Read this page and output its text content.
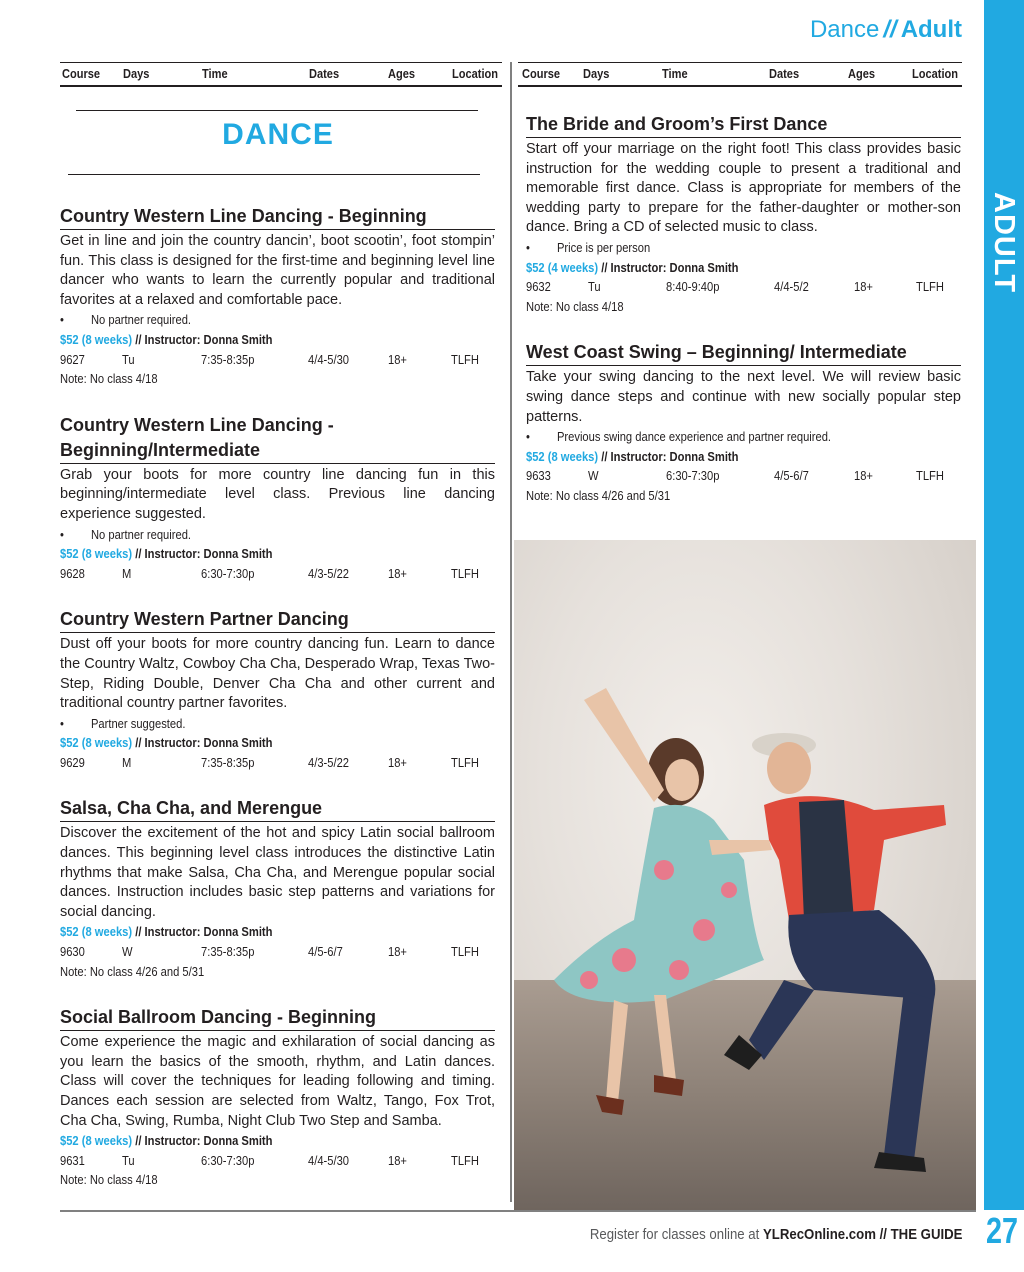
Dance // Adult
ADULT
Course Days	Time	Dates	Ages	Location Course Days	Time	Dates	Ages	Location
DANCE
Country Western Line Dancing - Beginning

Get in line and join the country dancin’, boot scootin’, foot stompin’ fun. This class is designed for the first-time and beginning level line dancer who wants to learn the currently popular and traditional favorites at a relaxed and comfortable pace.

• No partner required.
$52 (8 weeks) // Instructor: Donna Smith
9627	Tu	7:35-8:35p	4/4-5/30	18+	TLFH
Note: No class 4/18
Country Western Line Dancing - Beginning/Intermediate

Grab your boots for more country line dancing fun in this beginning/intermediate level class. Previous line dancing experience suggested.

• No partner required.
$52 (8 weeks) // Instructor: Donna Smith
9628	M	6:30-7:30p	4/3-5/22	18+	TLFH
Country Western Partner Dancing

Dust off your boots for more country dancing fun. Learn to dance the Country Waltz, Cowboy Cha Cha, Desperado Wrap, Texas Two-Step, Riding Double, Denver Cha Cha and other current and traditional country partner favorites.

• Partner suggested.
$52 (8 weeks) // Instructor: Donna Smith
9629	M	7:35-8:35p	4/3-5/22	18+	TLFH
Salsa, Cha Cha, and Merengue

Discover the excitement of the hot and spicy Latin social ballroom dances. This beginning level class introduces the distinctive Latin rhythms that make Salsa, Cha Cha, and Merengue popular social dances. Instruction includes basic step patterns and variations for social dancing.

$52 (8 weeks) // Instructor: Donna Smith
9630	W	7:35-8:35p	4/5-6/7	18+	TLFH
Note: No class 4/26 and 5/31
Social Ballroom Dancing - Beginning

Come experience the magic and exhilaration of social dancing as you learn the basics of the smooth, rhythm, and Latin dances. Class will cover the techniques for leading following and timing. Dances each session are selected from Waltz, Tango, Fox Trot, Cha Cha, Swing, Rumba, Night Club Two Step and Samba.

$52 (8 weeks) // Instructor: Donna Smith
9631	Tu	6:30-7:30p	4/4-5/30	18+	TLFH
Note: No class 4/18
The Bride and Groom’s First Dance

Start off your marriage on the right foot! This class provides basic instruction for the wedding couple to present a traditional and memorable first dance. Class is appropriate for members of the wedding party to prepare for the father-daughter or mother-son dance. Bring a CD of selected music to class.

• Price is per person
$52 (4 weeks) // Instructor: Donna Smith
9632	Tu	8:40-9:40p	4/4-5/2	18+	TLFH
Note: No class 4/18
West Coast Swing – Beginning/ Intermediate

Take your swing dancing to the next level. We will review basic swing dance steps and continue with new socially popular step patterns.

• Previous swing dance experience and partner required.
$52 (8 weeks) // Instructor: Donna Smith
9633	W	6:30-7:30p	4/5-6/7	18+	TLFH
Note: No class 4/26 and 5/31
Register for classes online at YLRecOnline.com // THE GUIDE 27
